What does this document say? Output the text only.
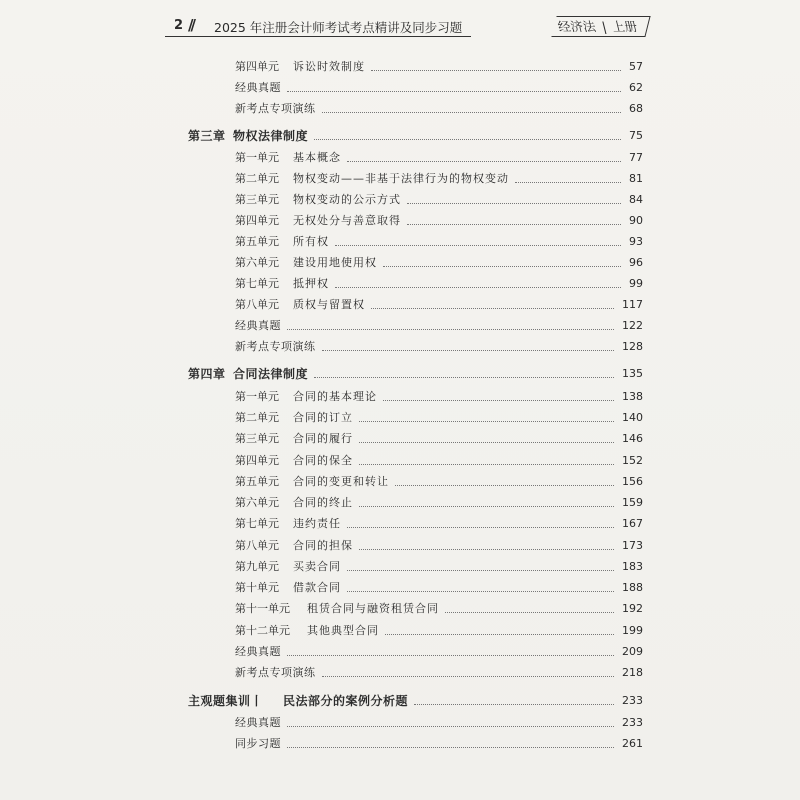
2 // 2025 年注册会计师考试考点精讲及同步习题	经济法 | 上册
第四单元 诉讼时效制度	57
经典真题	62
新考点专项演练	68
第三章 物权法律制度	75
第一单元 基本概念	77
第二单元 物权变动——非基于法律行为的物权变动	81
第三单元 物权变动的公示方式	84
第四单元 无权处分与善意取得	90
第五单元 所有权	93
第六单元 建设用地使用权	96
第七单元 抵押权	99
第八单元 质权与留置权	117
经典真题	122
新考点专项演练	128
第四章 合同法律制度	135
第一单元 合同的基本理论	138
第二单元 合同的订立	140
第三单元 合同的履行	146
第四单元 合同的保全	152
第五单元 合同的变更和转让	156
第六单元 合同的终止	159
第七单元 违约责任	167
第八单元 合同的担保	173
第九单元 买卖合同	183
第十单元 借款合同	188
第十一单元 租赁合同与融资租赁合同	192
第十二单元 其他典型合同	199
经典真题	209
新考点专项演练	218
主观题集训丨 民法部分的案例分析题	233
经典真题	233
同步习题	261
